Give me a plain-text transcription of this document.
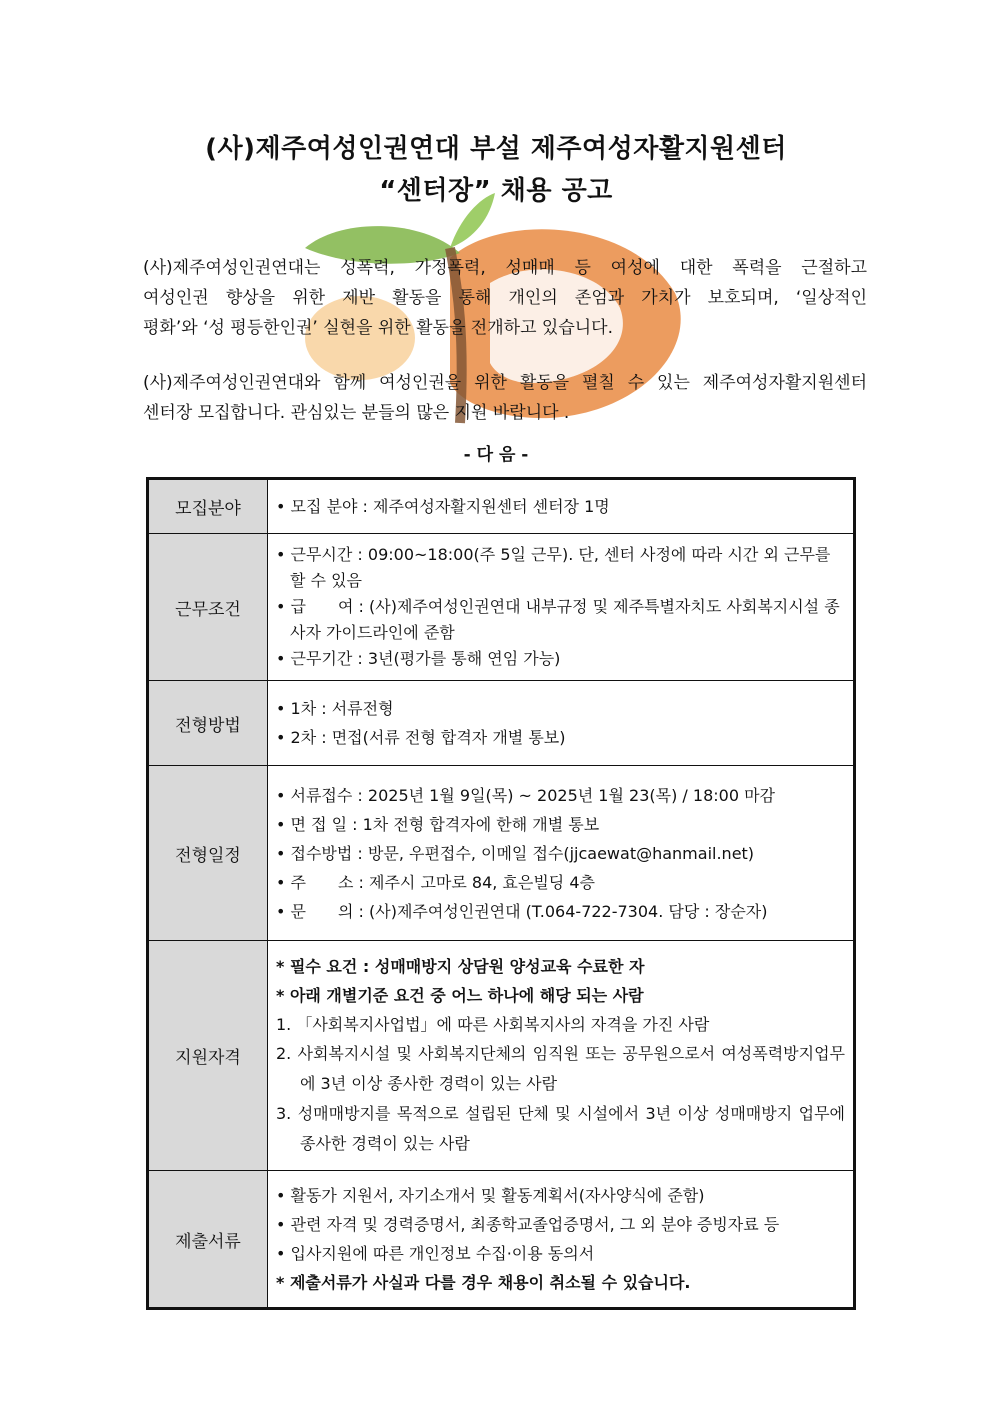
(사)제주여성인권연대 부설 제주여성자활지원센터
“센터장” 채용 공고
(사)제주여성인권연대는 성폭력, 가정폭력, 성매매 등 여성에 대한 폭력을 근절하고
여성인권 향상을 위한 제반 활동을 통해 개인의 존엄과 가치가 보호되며, ‘일상적인
평화’와 ‘성 평등한인권’ 실현을 위한 활동을 전개하고 있습니다.
(사)제주여성인권연대와 함께 여성인권을 위한 활동을 펼칠 수 있는 제주여성자활지원센터
센터장 모집합니다. 관심있는 분들의 많은 지원 바랍니다 .
- 다 음 -
모집분야	• 모집 분야 : 제주여성자활지원센터 센터장 1명

근무조건	• 근무시간 : 09:00~18:00(주 5일 근무). 단, 센터 사정에 따라 시간 외 근무를 할 수 있음
• 급　　여 : (사)제주여성인권연대 내부규정 및 제주특별자치도 사회복지시설 종사자 가이드라인에 준함
• 근무기간 : 3년(평가를 통해 연임 가능)

전형방법	• 1차 : 서류전형
• 2차 : 면접(서류 전형 합격자 개별 통보)

전형일정	• 서류접수 : 2025년 1월 9일(목) ~ 2025년 1월 23(목) / 18:00 마감
• 면 접 일 : 1차 전형 합격자에 한해 개별 통보
• 접수방법 : 방문, 우편접수, 이메일 접수(jjcaewat@hanmail.net)
• 주　　소 : 제주시 고마로 84, 효은빌딩 4층
• 문　　의 : (사)제주여성인권연대 (T.064-722-7304. 담당 : 장순자)

지원자격	* 필수 요건 : 성매매방지 상담원 양성교육 수료한 자
* 아래 개별기준 요건 중 어느 하나에 해당 되는 사람
1. 「사회복지사업법」에 따른 사회복지사의 자격을 가진 사람
2. 사회복지시설 및 사회복지단체의 임직원 또는 공무원으로서 여성폭력방지업무에 3년 이상 종사한 경력이 있는 사람
3. 성매매방지를 목적으로 설립된 단체 및 시설에서 3년 이상 성매매방지 업무에 종사한 경력이 있는 사람

제출서류	• 활동가 지원서, 자기소개서 및 활동계획서(자사양식에 준함)
• 관련 자격 및 경력증명서, 최종학교졸업증명서, 그 외 분야 증빙자료 등
• 입사지원에 따른 개인정보 수집·이용 동의서
* 제출서류가 사실과 다를 경우 채용이 취소될 수 있습니다.
